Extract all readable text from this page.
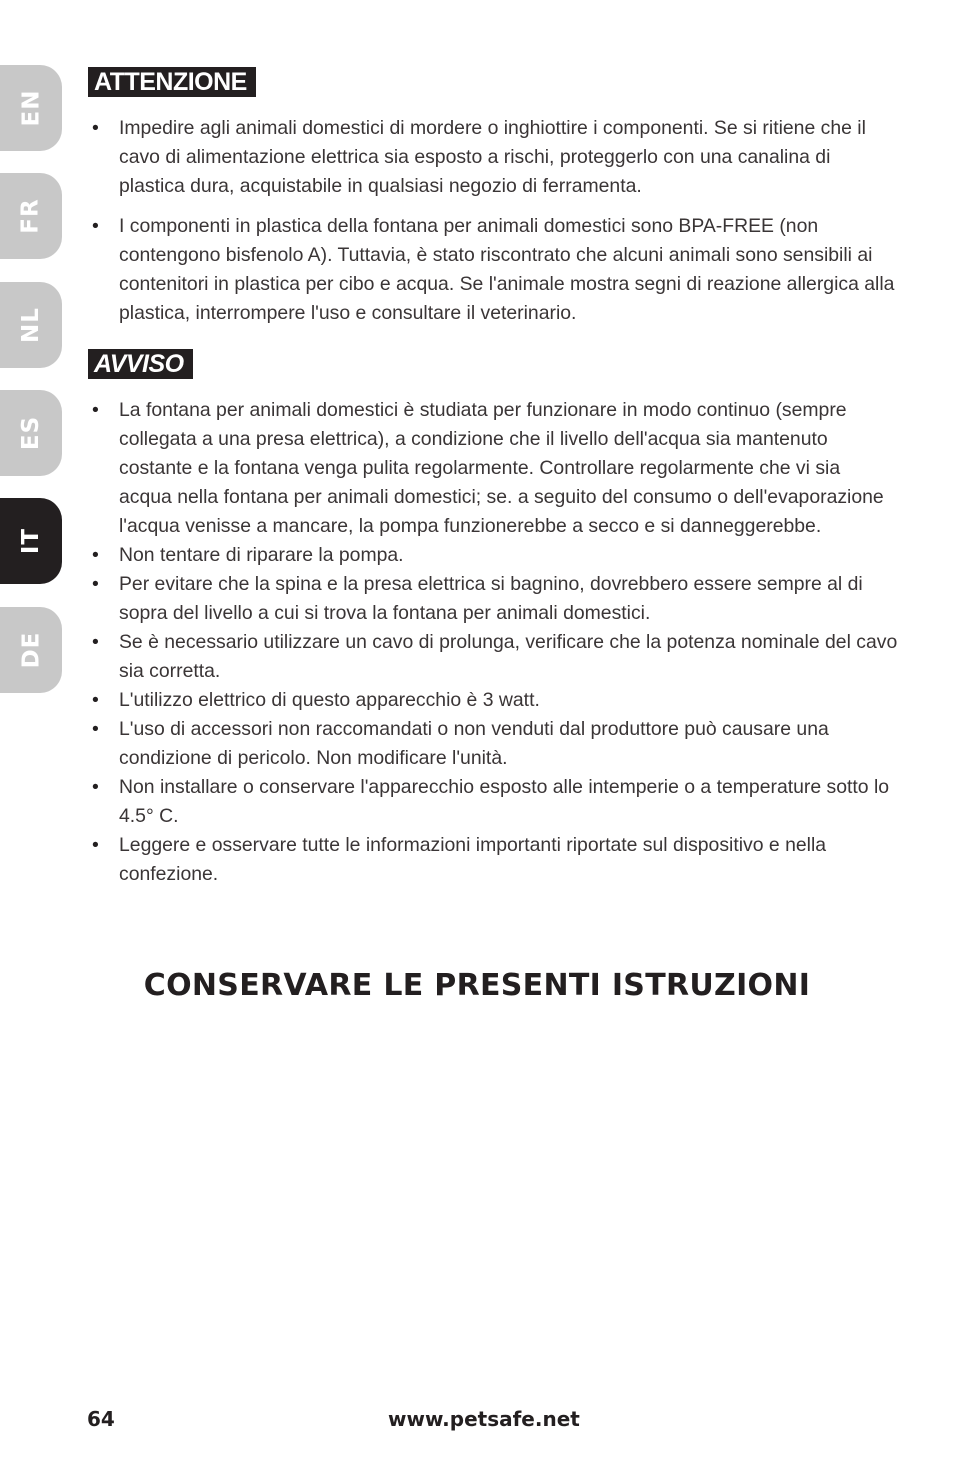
EN
FR
NL
ES
IT
DE
ATTENZIONE
• Impedire agli animali domestici di mordere o inghiottire i componenti. Se si ritiene che il cavo di alimentazione elettrica sia esposto a rischi, proteggerlo con una canalina di plastica dura, acquistabile in qualsiasi negozio di ferramenta.
• I componenti in plastica della fontana per animali domestici sono BPA-FREE (non contengono bisfenolo A). Tuttavia, è stato riscontrato che alcuni animali sono sensibili ai contenitori in plastica per cibo e acqua. Se l'animale mostra segni di reazione allergica alla plastica, interrompere l'uso e consultare il veterinario.
AVVISO
• La fontana per animali domestici è studiata per funzionare in modo continuo (sempre collegata a una presa elettrica), a condizione che il livello dell'acqua sia mantenuto costante e la fontana venga pulita regolarmente. Controllare regolarmente che vi sia acqua nella fontana per animali domestici; se. a seguito del consumo o dell'evaporazione l'acqua venisse a mancare, la pompa funzionerebbe a secco e si danneggerebbe.
• Non tentare di riparare la pompa.
• Per evitare che la spina e la presa elettrica si bagnino, dovrebbero essere sempre al di sopra del livello a cui si trova la fontana per animali domestici.
• Se è necessario utilizzare un cavo di prolunga, verificare che la potenza nominale del cavo sia corretta.
• L'utilizzo elettrico di questo apparecchio è 3 watt.
• L'uso di accessori non raccomandati o non venduti dal produttore può causare una condizione di pericolo. Non modificare l'unità.
• Non installare o conservare l'apparecchio esposto alle intemperie o a temperature sotto lo 4.5° C.
• Leggere e osservare tutte le informazioni importanti riportate sul dispositivo e nella confezione.
CONSERVARE LE PRESENTI ISTRUZIONI
64	www.petsafe.net
